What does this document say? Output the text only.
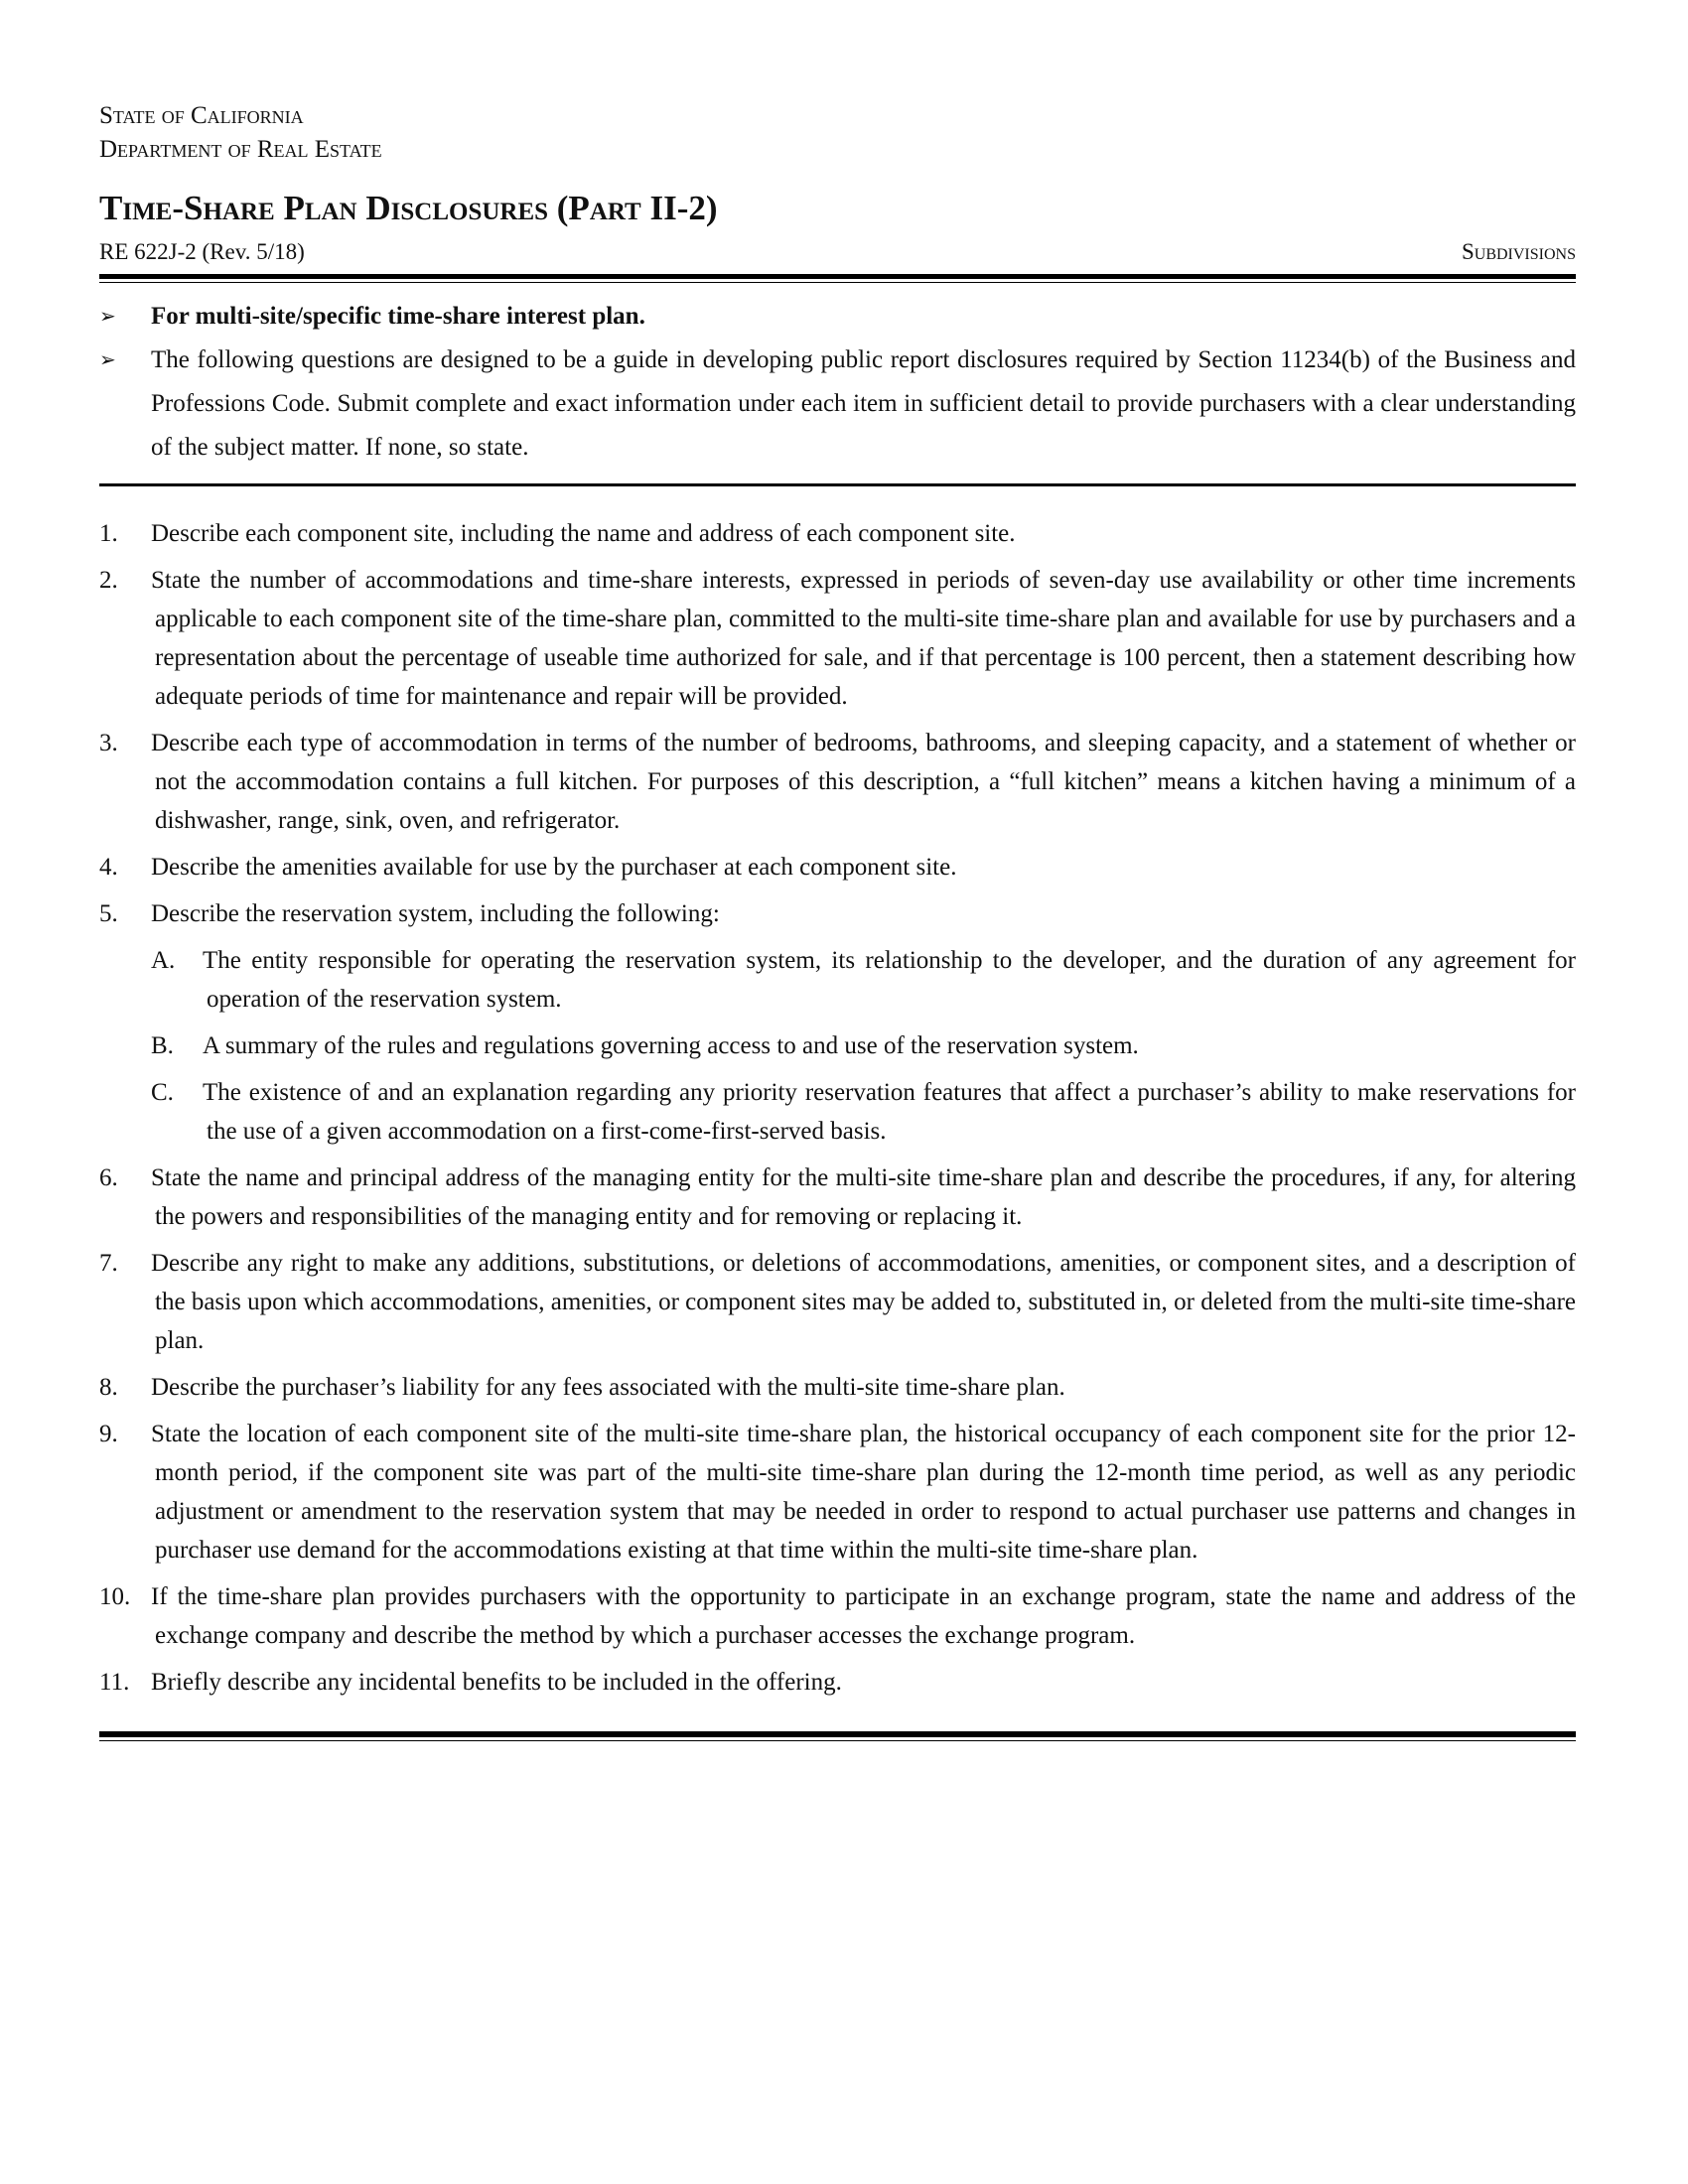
State of California
Department of Real Estate
Time-Share Plan Disclosures (Part II-2)
RE 622J-2 (Rev. 5/18)	Subdivisions
➢	For multi-site/specific time-share interest plan.
➢	The following questions are designed to be a guide in developing public report disclosures required by Section 11234(b) of the Business and Professions Code. Submit complete and exact information under each item in sufficient detail to provide purchasers with a clear understanding of the subject matter. If none, so state.
1.	Describe each component site, including the name and address of each component site.
2.	State the number of accommodations and time-share interests, expressed in periods of seven-day use availability or other time increments applicable to each component site of the time-share plan, committed to the multi-site time-share plan and available for use by purchasers and a representation about the percentage of useable time authorized for sale, and if that percentage is 100 percent, then a statement describing how adequate periods of time for maintenance and repair will be provided.
3.	Describe each type of accommodation in terms of the number of bedrooms, bathrooms, and sleeping capacity, and a statement of whether or not the accommodation contains a full kitchen. For purposes of this description, a “full kitchen” means a kitchen having a minimum of a dishwasher, range, sink, oven, and refrigerator.
4.	Describe the amenities available for use by the purchaser at each component site.
5.	Describe the reservation system, including the following:
A.	The entity responsible for operating the reservation system, its relationship to the developer, and the duration of any agreement for operation of the reservation system.
B.	A summary of the rules and regulations governing access to and use of the reservation system.
C.	The existence of and an explanation regarding any priority reservation features that affect a purchaser’s ability to make reservations for the use of a given accommodation on a first-come-first-served basis.
6.	State the name and principal address of the managing entity for the multi-site time-share plan and describe the procedures, if any, for altering the powers and responsibilities of the managing entity and for removing or replacing it.
7.	Describe any right to make any additions, substitutions, or deletions of accommodations, amenities, or component sites, and a description of the basis upon which accommodations, amenities, or component sites may be added to, substituted in, or deleted from the multi-site time-share plan.
8.	Describe the purchaser’s liability for any fees associated with the multi-site time-share plan.
9.	State the location of each component site of the multi-site time-share plan, the historical occupancy of each component site for the prior 12-month period, if the component site was part of the multi-site time-share plan during the 12-month time period, as well as any periodic adjustment or amendment to the reservation system that may be needed in order to respond to actual purchaser use patterns and changes in purchaser use demand for the accommodations existing at that time within the multi-site time-share plan.
10. If the time-share plan provides purchasers with the opportunity to participate in an exchange program, state the name and address of the exchange company and describe the method by which a purchaser accesses the exchange program.
11. Briefly describe any incidental benefits to be included in the offering.
